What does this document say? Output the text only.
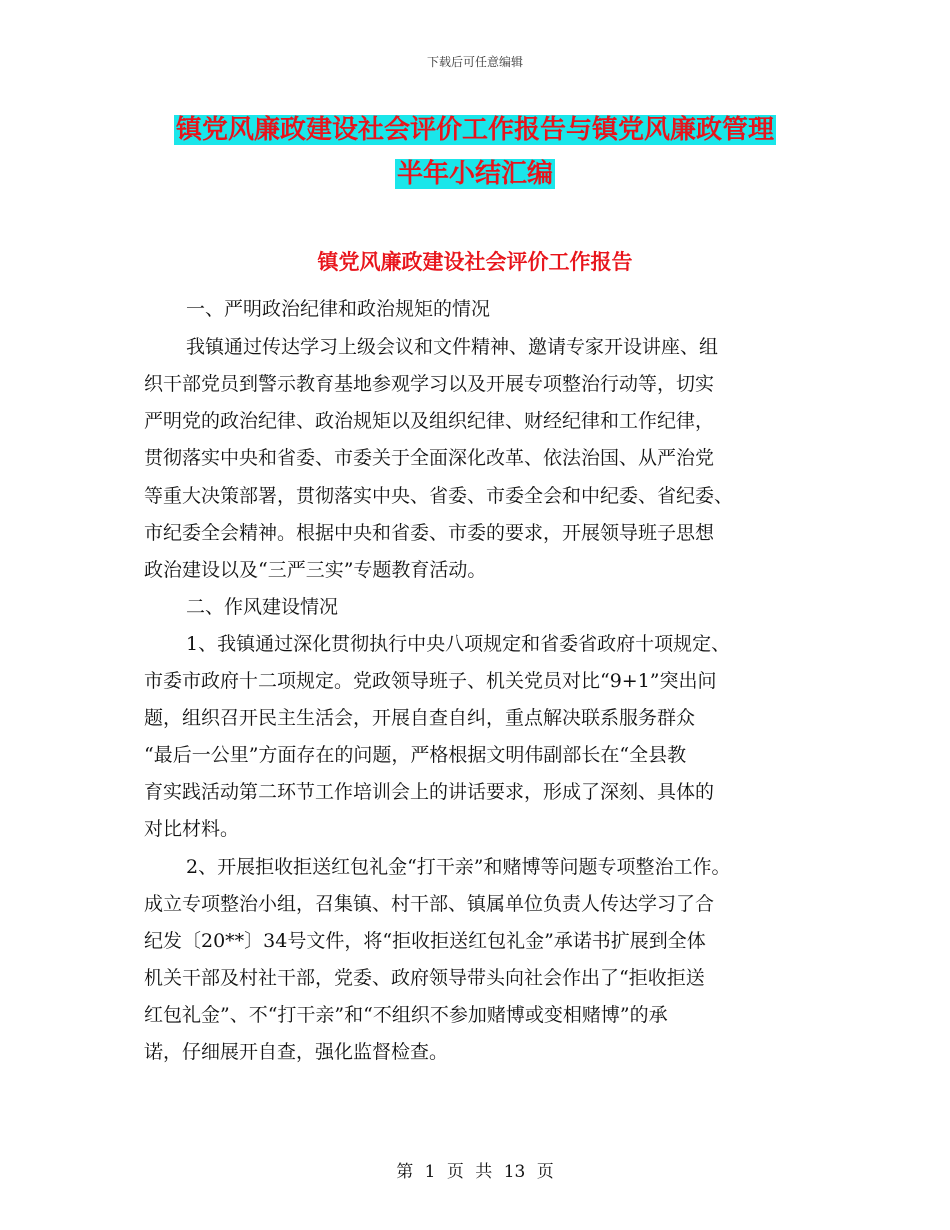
下载后可任意编辑
镇党风廉政建设社会评价工作报告与镇党风廉政管理
半年小结汇编
镇党风廉政建设社会评价工作报告
一、严明政治纪律和政治规矩的情况
我镇通过传达学习上级会议和文件精神、邀请专家开设讲座、组
织干部党员到警示教育基地参观学习以及开展专项整治行动等，切实
严明党的政治纪律、政治规矩以及组织纪律、财经纪律和工作纪律，
贯彻落实中央和省委、市委关于全面深化改革、依法治国、从严治党
等重大决策部署，贯彻落实中央、省委、市委全会和中纪委、省纪委、
市纪委全会精神。根据中央和省委、市委的要求，开展领导班子思想
政治建设以及“三严三实”专题教育活动。
二、作风建设情况
1、我镇通过深化贯彻执行中央八项规定和省委省政府十项规定、
市委市政府十二项规定。党政领导班子、机关党员对比“9+1”突出问
题，组织召开民主生活会，开展自查自纠，重点解决联系服务群众
“最后一公里”方面存在的问题，严格根据文明伟副部长在“全县教
育实践活动第二环节工作培训会上的讲话要求，形成了深刻、具体的
对比材料。
2、开展拒收拒送红包礼金“打干亲”和赌博等问题专项整治工作。
成立专项整治小组，召集镇、村干部、镇属单位负责人传达学习了合
纪发〔20**〕34号文件，将“拒收拒送红包礼金”承诺书扩展到全体
机关干部及村社干部，党委、政府领导带头向社会作出了“拒收拒送
红包礼金”、不“打干亲”和“不组织不参加赌博或变相赌博”的承
诺，仔细展开自查，强化监督检查。
第 1 页 共 13 页
